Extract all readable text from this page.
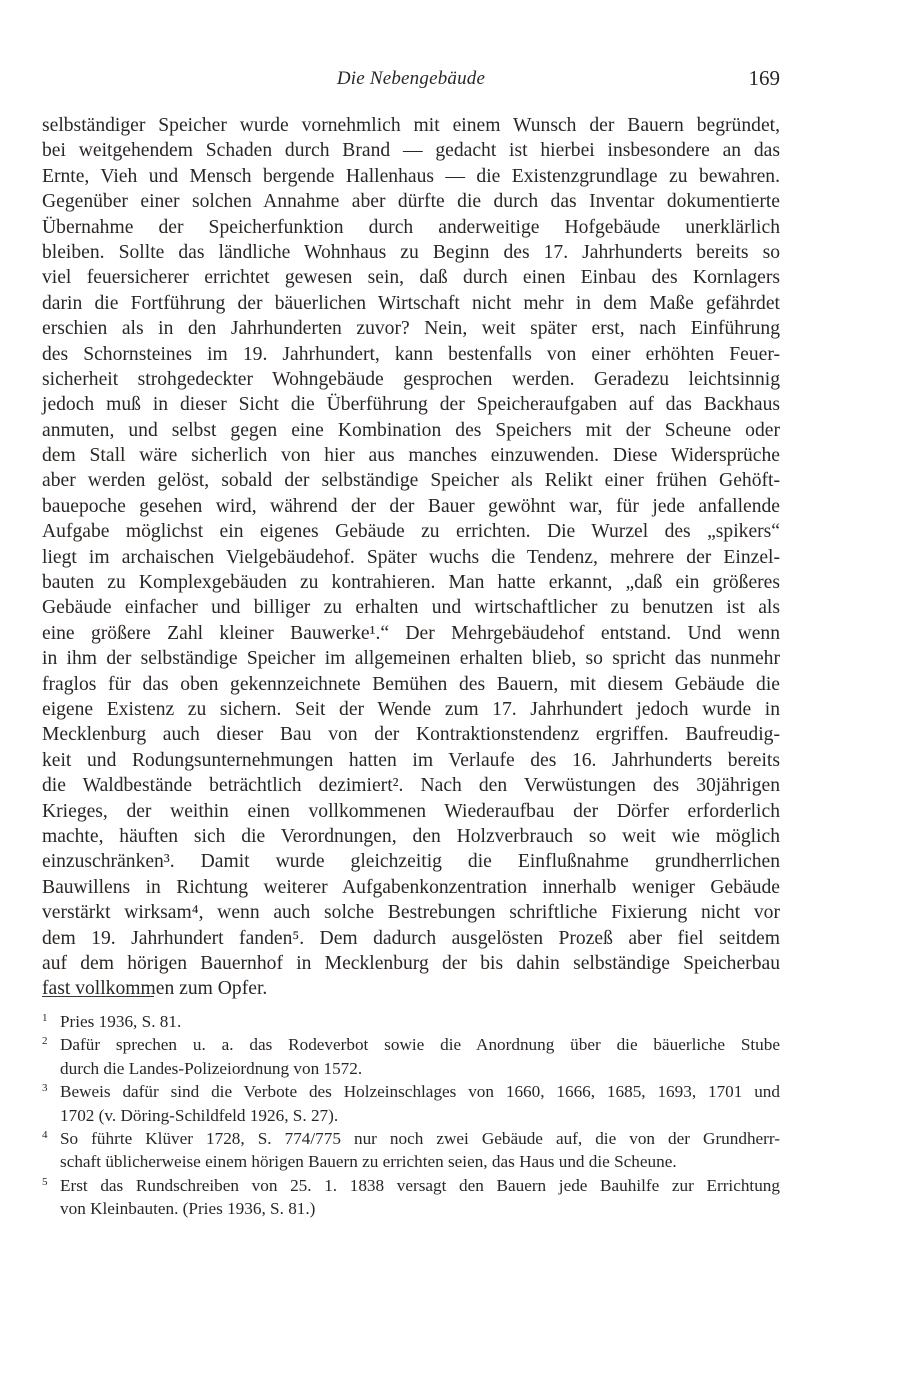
Die Nebengebäude	169
selbständiger Speicher wurde vornehmlich mit einem Wunsch der Bauern begründet,
bei weitgehendem Schaden durch Brand — gedacht ist hierbei insbesondere an das
Ernte, Vieh und Mensch bergende Hallenhaus — die Existenzgrundlage zu bewahren.
Gegenüber einer solchen Annahme aber dürfte die durch das Inventar dokumentierte
Übernahme der Speicherfunktion durch anderweitige Hofgebäude unerklärlich
bleiben. Sollte das ländliche Wohnhaus zu Beginn des 17. Jahrhunderts bereits so
viel feuersicherer errichtet gewesen sein, daß durch einen Einbau des Kornlagers
darin die Fortführung der bäuerlichen Wirtschaft nicht mehr in dem Maße gefährdet
erschien als in den Jahrhunderten zuvor? Nein, weit später erst, nach Einführung
des Schornsteines im 19. Jahrhundert, kann bestenfalls von einer erhöhten Feuer-
sicherheit strohgedeckter Wohngebäude gesprochen werden. Geradezu leichtsinnig
jedoch muß in dieser Sicht die Überführung der Speicheraufgaben auf das Backhaus
anmuten, und selbst gegen eine Kombination des Speichers mit der Scheune oder
dem Stall wäre sicherlich von hier aus manches einzuwenden. Diese Widersprüche
aber werden gelöst, sobald der selbständige Speicher als Relikt einer frühen Gehöft-
bauepoche gesehen wird, während der der Bauer gewöhnt war, für jede anfallende
Aufgabe möglichst ein eigenes Gebäude zu errichten. Die Wurzel des „spikers“
liegt im archaischen Vielgebäudehof. Später wuchs die Tendenz, mehrere der Einzel-
bauten zu Komplexgebäuden zu kontrahieren. Man hatte erkannt, „daß ein größeres
Gebäude einfacher und billiger zu erhalten und wirtschaftlicher zu benutzen ist als
eine größere Zahl kleiner Bauwerke¹.“ Der Mehrgebäudehof entstand. Und wenn
in ihm der selbständige Speicher im allgemeinen erhalten blieb, so spricht das nunmehr
fraglos für das oben gekennzeichnete Bemühen des Bauern, mit diesem Gebäude die
eigene Existenz zu sichern. Seit der Wende zum 17. Jahrhundert jedoch wurde in
Mecklenburg auch dieser Bau von der Kontraktionstendenz ergriffen. Baufreudig-
keit und Rodungsunternehmungen hatten im Verlaufe des 16. Jahrhunderts bereits
die Waldbestände beträchtlich dezimiert². Nach den Verwüstungen des 30jährigen
Krieges, der weithin einen vollkommenen Wiederaufbau der Dörfer erforderlich
machte, häuften sich die Verordnungen, den Holzverbrauch so weit wie möglich
einzuschränken³. Damit wurde gleichzeitig die Einflußnahme grundherrlichen
Bauwillens in Richtung weiterer Aufgabenkonzentration innerhalb weniger Gebäude
verstärkt wirksam⁴, wenn auch solche Bestrebungen schriftliche Fixierung nicht vor
dem 19. Jahrhundert fanden⁵. Dem dadurch ausgelösten Prozeß aber fiel seitdem
auf dem hörigen Bauernhof in Mecklenburg der bis dahin selbständige Speicherbau
fast vollkommen zum Opfer.
1 Pries 1936, S. 81.
2 Dafür sprechen u. a. das Rodeverbot sowie die Anordnung über die bäuerliche Stube
durch die Landes-Polizeiordnung von 1572.
3 Beweis dafür sind die Verbote des Holzeinschlages von 1660, 1666, 1685, 1693, 1701 und
1702 (v. Döring-Schildfeld 1926, S. 27).
4 So führte Klüver 1728, S. 774/775 nur noch zwei Gebäude auf, die von der Grundherr-
schaft üblicherweise einem hörigen Bauern zu errichten seien, das Haus und die Scheune.
5 Erst das Rundschreiben von 25. 1. 1838 versagt den Bauern jede Bauhilfe zur Errichtung
von Kleinbauten. (Pries 1936, S. 81.)
